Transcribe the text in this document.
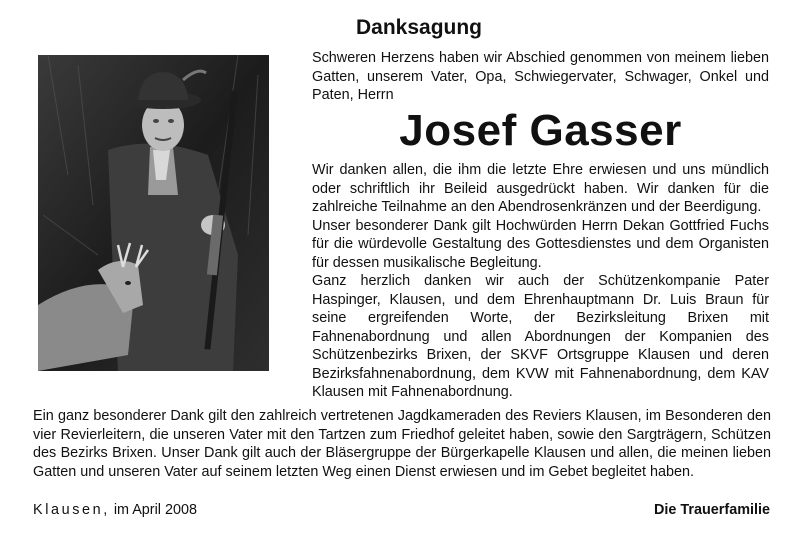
Danksagung

Schweren Herzens haben wir Abschied genommen von meinem lieben Gatten, unserem Vater, Opa, Schwiegervater, Schwager, Onkel und Paten, Herrn

Josef Gasser

Wir danken allen, die ihm die letzte Ehre erwiesen und uns mündlich oder schriftlich ihr Beileid ausgedrückt haben. Wir danken für die zahlreiche Teilnahme an den Abendrosenkränzen und der Beerdigung.

Unser besonderer Dank gilt Hochwürden Herrn Dekan Gottfried Fuchs für die würdevolle Gestaltung des Gottesdienstes und dem Organisten für dessen musikalische Begleitung.

Ganz herzlich danken wir auch der Schützenkompanie Pater Haspinger, Klausen, und dem Ehrenhauptmann Dr. Luis Braun für seine ergreifenden Worte, der Bezirksleitung Brixen mit Fahnenabordnung und allen Abordnungen der Kompanien des Schützenbezirks Brixen, der SKVF Ortsgruppe Klausen und deren Bezirksfahnenabordnung, dem KVW mit Fahnenabordnung, dem KAV Klausen mit Fahnenabordnung.

Ein ganz besonderer Dank gilt den zahlreich vertretenen Jagdkameraden des Reviers Klausen, im Besonderen den vier Revierleitern, die unseren Vater mit den Tartzen zum Friedhof geleitet haben, sowie den Sargträgern, Schützen des Bezirks Brixen. Unser Dank gilt auch der Bläsergruppe der Bürgerkapelle Klausen und allen, die meinen lieben Gatten und unseren Vater auf seinem letzten Weg einen Dienst erwiesen und im Gebet begleitet haben.

Klausen, im April 2008	Die Trauerfamilie
